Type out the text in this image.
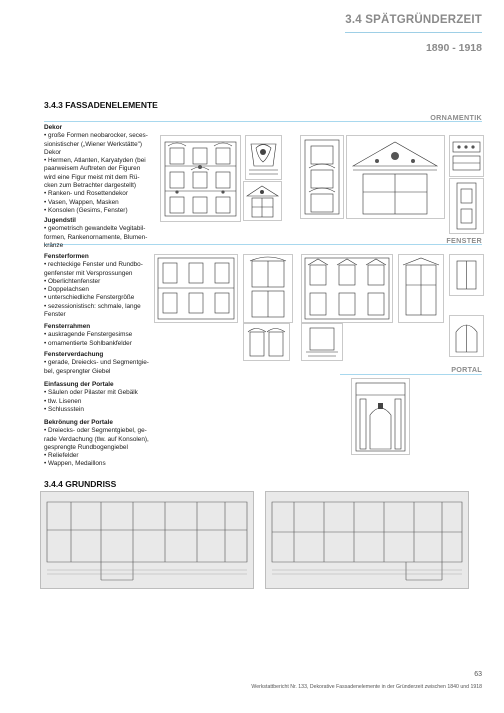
3.4 SPÄTGRÜNDERZEIT
1890 - 1918
3.4.3 FASSADENELEMENTE
ORNAMENTIK
FENSTER
PORTAL
Dekor
• große Formen neobarocker, seces-
sionistischer („Wiener Werkstätte")
Dekor
• Hermen, Atlanten, Karyatyden (bei
paarweisem Auftreten der Figuren
wird eine Figur meist mit dem Rü-
cken zum Betrachter dargestellt)
• Ranken- und Rosettendekor
• Vasen, Wappen, Masken
• Konsolen (Gesims, Fenster)
Jugendstil
• geometrisch gewandelte Vegitabil-
formen, Rankenornamente, Blumen-
kränze
Fensterformen
• rechteckige Fenster und Rundbo-
genfenster mit Versprossungen
• Oberlichtenfenster
• Doppelachsen
• unterschiedliche Fenstergröße
• sezessionistisch: schmale, lange
Fenster
Fensterrahmen
• auskragende Fenstergesimse
• ornamentierte Sohlbankfelder
Fensterverdachung
• gerade, Dreiecks- und Segmentgie-
bel, gesprengter Giebel
Einfassung der Portale
• Säulen oder Pilaster mit Gebälk
• tlw. Lisenen
• Schlussstein
Bekrönung der Portale
• Dreiecks- oder Segmentgiebel, ge-
rade Verdachung (tlw. auf Konsolen),
gesprengte Rundbogengiebel
• Reliefelder
• Wappen, Medaillons
3.4.4 GRUNDRISS
63
Werkstattbericht Nr. 133, Dekorative Fassadenelemente in der Gründerzeit zwischen 1840 und 1918
